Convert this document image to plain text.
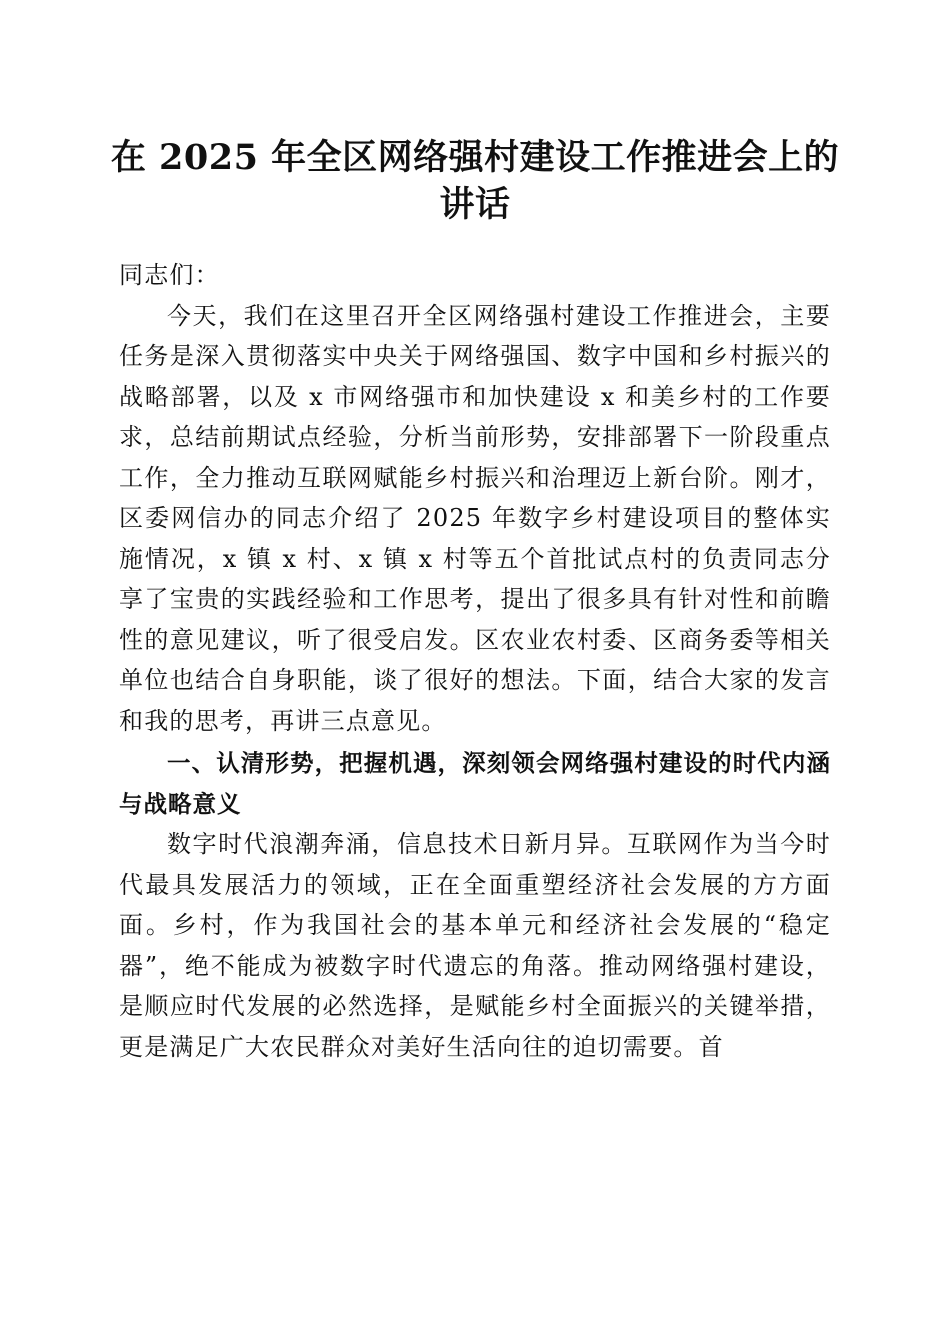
在 2025 年全区网络强村建设工作推进会上的
讲话

同志们：

今天，我们在这里召开全区网络强村建设工作推进会，主要任务是深入贯彻落实中央关于网络强国、数字中国和乡村振兴的战略部署，以及 x 市网络强市和加快建设 x 和美乡村的工作要求，总结前期试点经验，分析当前形势，安排部署下一阶段重点工作，全力推动互联网赋能乡村振兴和治理迈上新台阶。刚才，区委网信办的同志介绍了 2025 年数字乡村建设项目的整体实施情况，x 镇 x 村、x 镇 x 村等五个首批试点村的负责同志分享了宝贵的实践经验和工作思考，提出了很多具有针对性和前瞻性的意见建议，听了很受启发。区农业农村委、区商务委等相关单位也结合自身职能，谈了很好的想法。下面，结合大家的发言和我的思考，再讲三点意见。

一、认清形势，把握机遇，深刻领会网络强村建设的时代内涵与战略意义

数字时代浪潮奔涌，信息技术日新月异。互联网作为当今时代最具发展活力的领域，正在全面重塑经济社会发展的方方面面。乡村，作为我国社会的基本单元和经济社会发展的“稳定器”，绝不能成为被数字时代遗忘的角落。推动网络强村建设，是顺应时代发展的必然选择，是赋能乡村全面振兴的关键举措，更是满足广大农民群众对美好生活向往的迫切需要。首
